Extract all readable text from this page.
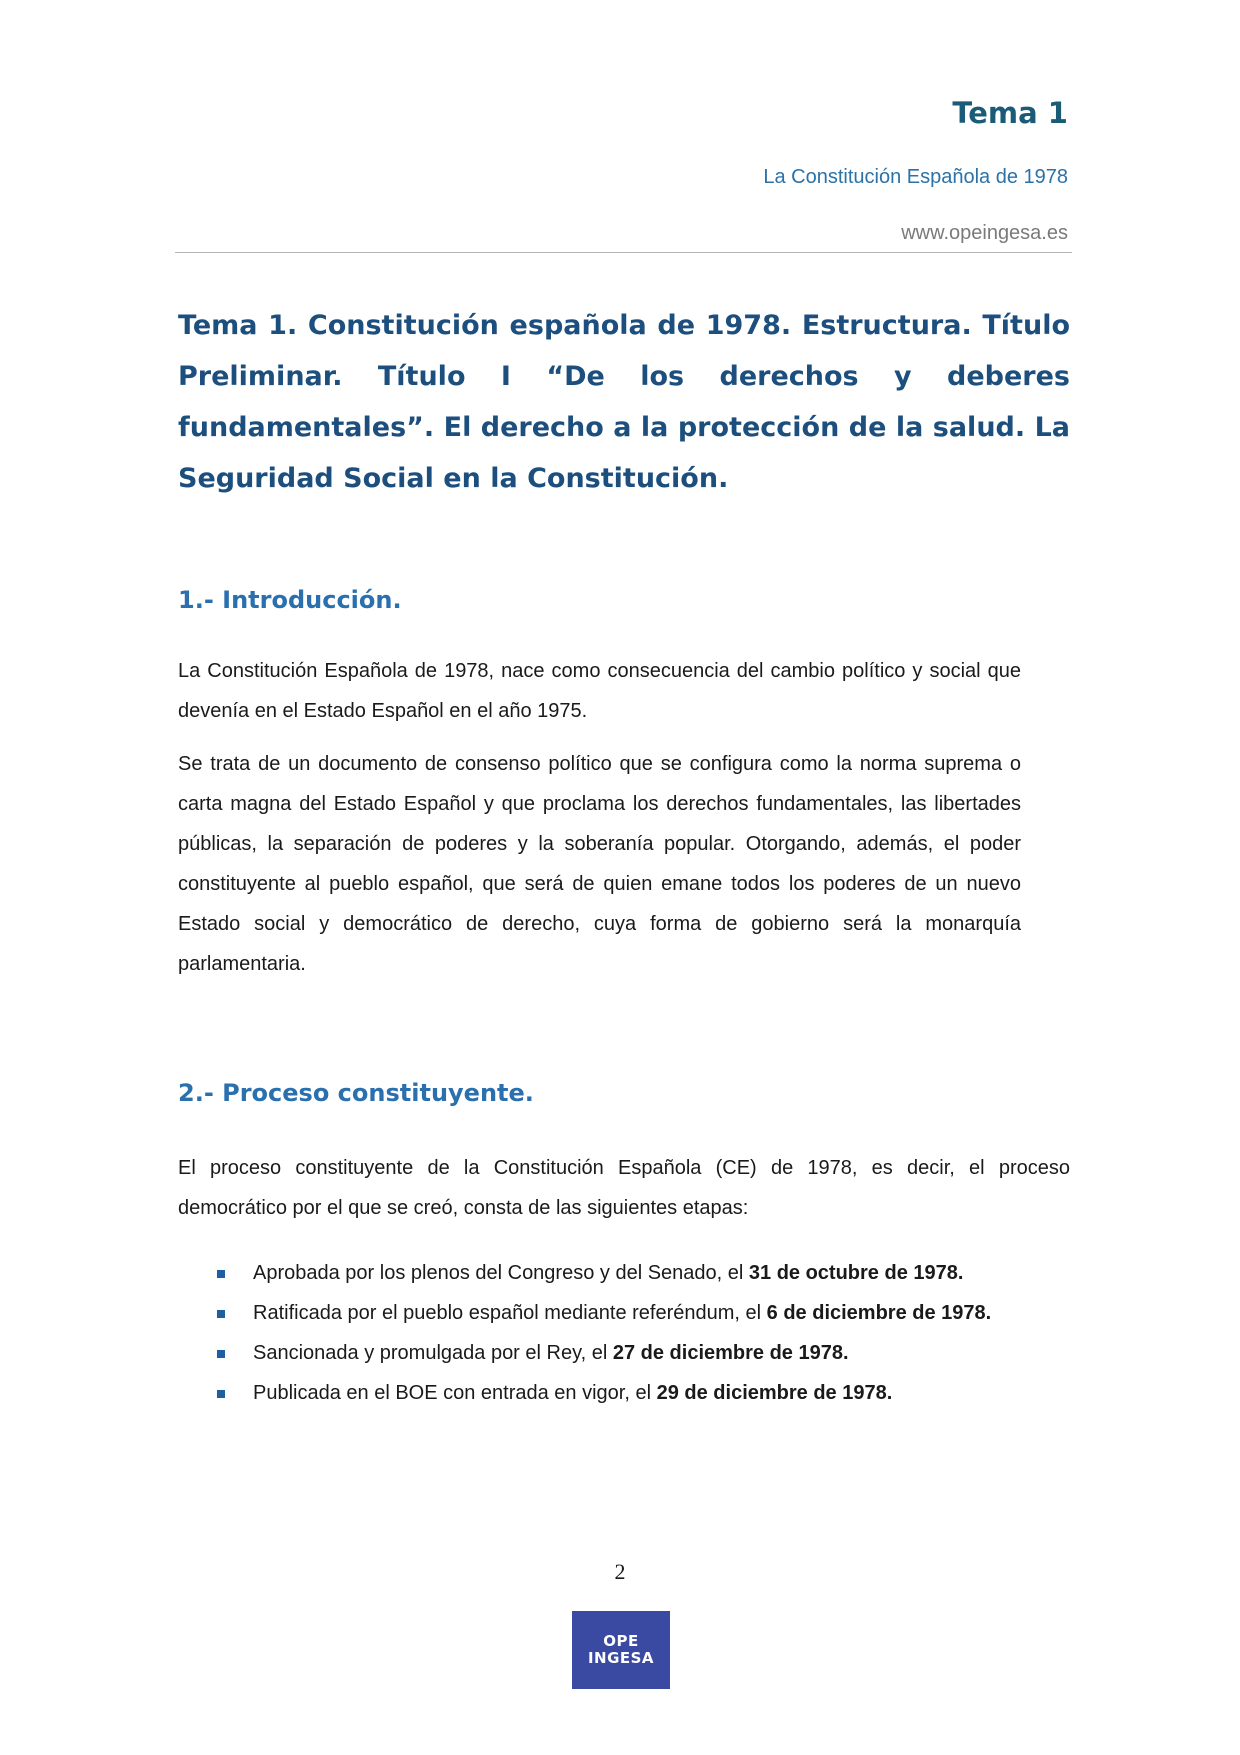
Tema 1
La Constitución Española de 1978
www.opeingesa.es
Tema 1. Constitución española de 1978. Estructura. Título Preliminar. Título I “De los derechos y deberes fundamentales”. El derecho a la protección de la salud. La Seguridad Social en la Constitución.
1.- Introducción.

La Constitución Española de 1978, nace como consecuencia del cambio político y social que devenía en el Estado Español en el año 1975.

Se trata de un documento de consenso político que se configura como la norma suprema o carta magna del Estado Español y que proclama los derechos fundamentales, las libertades públicas, la separación de poderes y la soberanía popular. Otorgando, además, el poder constituyente al pueblo español, que será de quien emane todos los poderes de un nuevo Estado social y democrático de derecho, cuya forma de gobierno será la monarquía parlamentaria.

2.- Proceso constituyente.

El proceso constituyente de la Constitución Española (CE) de 1978, es decir, el proceso democrático por el que se creó, consta de las siguientes etapas:

Aprobada por los plenos del Congreso y del Senado, el 31 de octubre de 1978.
Ratificada por el pueblo español mediante referéndum, el 6 de diciembre de 1978.
Sancionada y promulgada por el Rey, el 27 de diciembre de 1978.
Publicada en el BOE con entrada en vigor, el 29 de diciembre de 1978.
2
OPE
INGESA
